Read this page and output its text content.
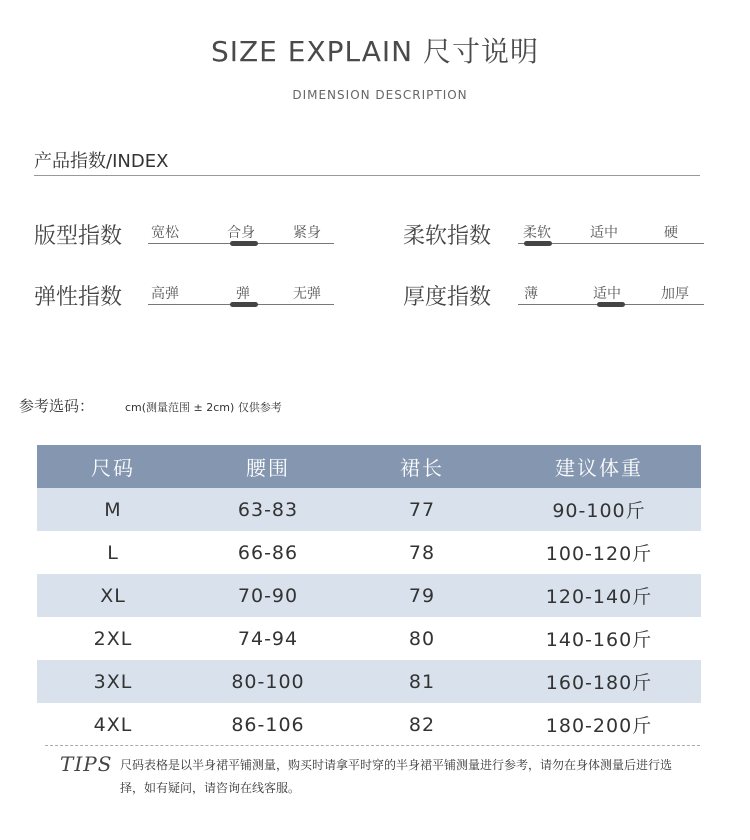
SIZE EXPLAIN 尺寸说明
DIMENSION DESCRIPTION
产品指数/INDEX
版型指数 宽松	合身	紧身	柔软指数 柔软	适中	硬
弹性指数 高弹	弹	无弹	厚度指数 薄	适中	加厚
参考选码：	cm(测量范围 ± 2cm) 仅供参考
尺码	腰围	裙长	建议体重
M	63-83	77	90-100斤
L	66-86	78	100-120斤
XL	70-90	79	120-140斤
2XL	74-94	80	140-160斤
3XL	80-100	81	160-180斤
4XL	86-106	82	180-200斤
TIPS 尺码表格是以半身裙平铺测量，购买时请拿平时穿的半身裙平铺测量进行参考，请勿在身体测量后进行选择，如有疑问，请咨询在线客服。
